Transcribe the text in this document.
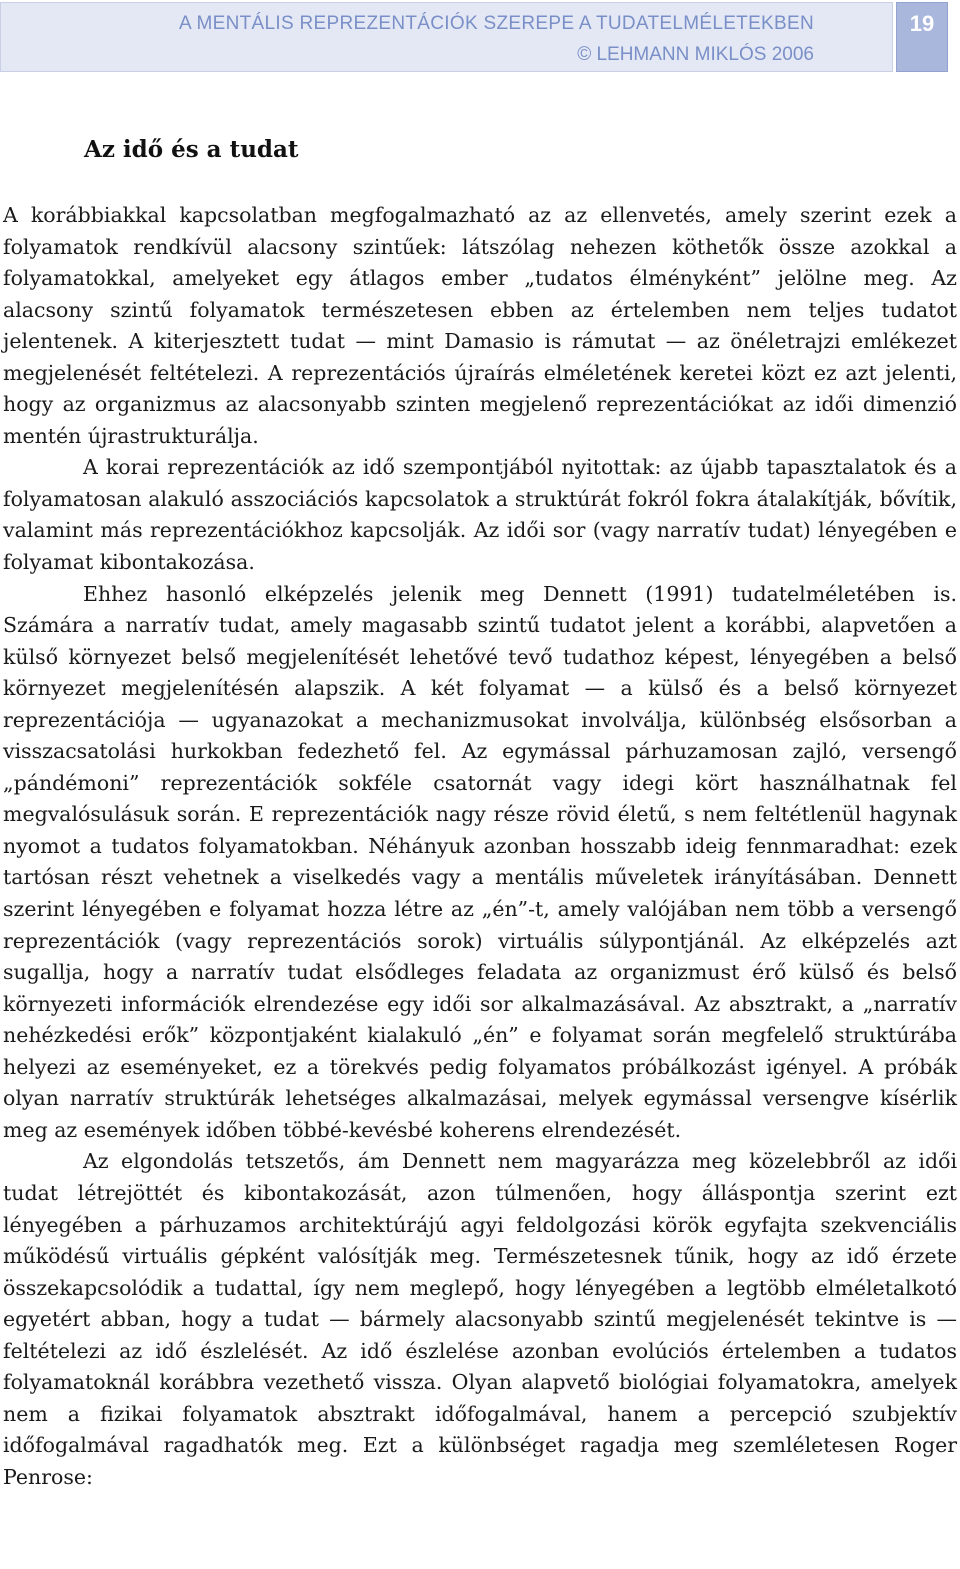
A MENTÁLIS REPREZENTÁCIÓK SZEREPE A TUDATELMÉLETEKBEN
© LEHMANN MIKLÓS 2006
19
Az idő és a tudat

A korábbiakkal kapcsolatban megfogalmazható az az ellenvetés, amely szerint ezek a folyamatok rendkívül alacsony szintűek: látszólag nehezen köthetők össze azokkal a folyamatokkal, amelyeket egy átlagos ember „tudatos élményként” jelölne meg. Az alacsony szintű folyamatok természetesen ebben az értelemben nem teljes tudatot jelentenek. A kiterjesztett tudat — mint Damasio is rámutat — az önéletrajzi emlékezet megjelenését feltételezi. A reprezentációs újraírás elméletének keretei közt ez azt jelenti, hogy az organizmus az alacsonyabb szinten megjelenő reprezentációkat az idői dimenzió mentén újrastrukturálja.

A korai reprezentációk az idő szempontjából nyitottak: az újabb tapasztalatok és a folyamatosan alakuló asszociációs kapcsolatok a struktúrát fokról fokra átalakítják, bővítik, valamint más reprezentációkhoz kapcsolják. Az idői sor (vagy narratív tudat) lényegében e folyamat kibontakozása.

Ehhez hasonló elképzelés jelenik meg Dennett (1991) tudatelméletében is. Számára a narratív tudat, amely magasabb szintű tudatot jelent a korábbi, alapvetően a külső környezet belső megjelenítését lehetővé tevő tudathoz képest, lényegében a belső környezet megjelenítésén alapszik. A két folyamat — a külső és a belső környezet reprezentációja — ugyanazokat a mechanizmusokat involválja, különbség elsősorban a visszacsatolási hurkokban fedezhető fel. Az egymással párhuzamosan zajló, versengő „pándémoni” reprezentációk sokféle csatornát vagy idegi kört használhatnak fel megvalósulásuk során. E reprezentációk nagy része rövid életű, s nem feltétlenül hagynak nyomot a tudatos folyamatokban. Néhányuk azonban hosszabb ideig fennmaradhat: ezek tartósan részt vehetnek a viselkedés vagy a mentális műveletek irányításában. Dennett szerint lényegében e folyamat hozza létre az „én”-t, amely valójában nem több a versengő reprezentációk (vagy reprezentációs sorok) virtuális súlypontjánál. Az elképzelés azt sugallja, hogy a narratív tudat elsődleges feladata az organizmust érő külső és belső környezeti információk elrendezése egy idői sor alkalmazásával. Az absztrakt, a „narratív nehézkedési erők” központjaként kialakuló „én” e folyamat során megfelelő struktúrába helyezi az eseményeket, ez a törekvés pedig folyamatos próbálkozást igényel. A próbák olyan narratív struktúrák lehetséges alkalmazásai, melyek egymással versengve kísérlik meg az események időben többé-kevésbé koherens elrendezését.

Az elgondolás tetszetős, ám Dennett nem magyarázza meg közelebbről az idői tudat létrejöttét és kibontakozását, azon túlmenően, hogy álláspontja szerint ezt lényegében a párhuzamos architektúrájú agyi feldolgozási körök egyfajta szekvenciális működésű virtuális gépként valósítják meg. Természetesnek tűnik, hogy az idő érzete összekapcsolódik a tudattal, így nem meglepő, hogy lényegében a legtöbb elméletalkotó egyetért abban, hogy a tudat — bármely alacsonyabb szintű megjelenését tekintve is — feltételezi az idő észlelését. Az idő észlelése azonban evolúciós értelemben a tudatos folyamatoknál korábbra vezethető vissza. Olyan alapvető biológiai folyamatokra, amelyek nem a fizikai folyamatok absztrakt időfogalmával, hanem a percepció szubjektív időfogalmával ragadhatók meg. Ezt a különbséget ragadja meg szemléletesen Roger Penrose:
